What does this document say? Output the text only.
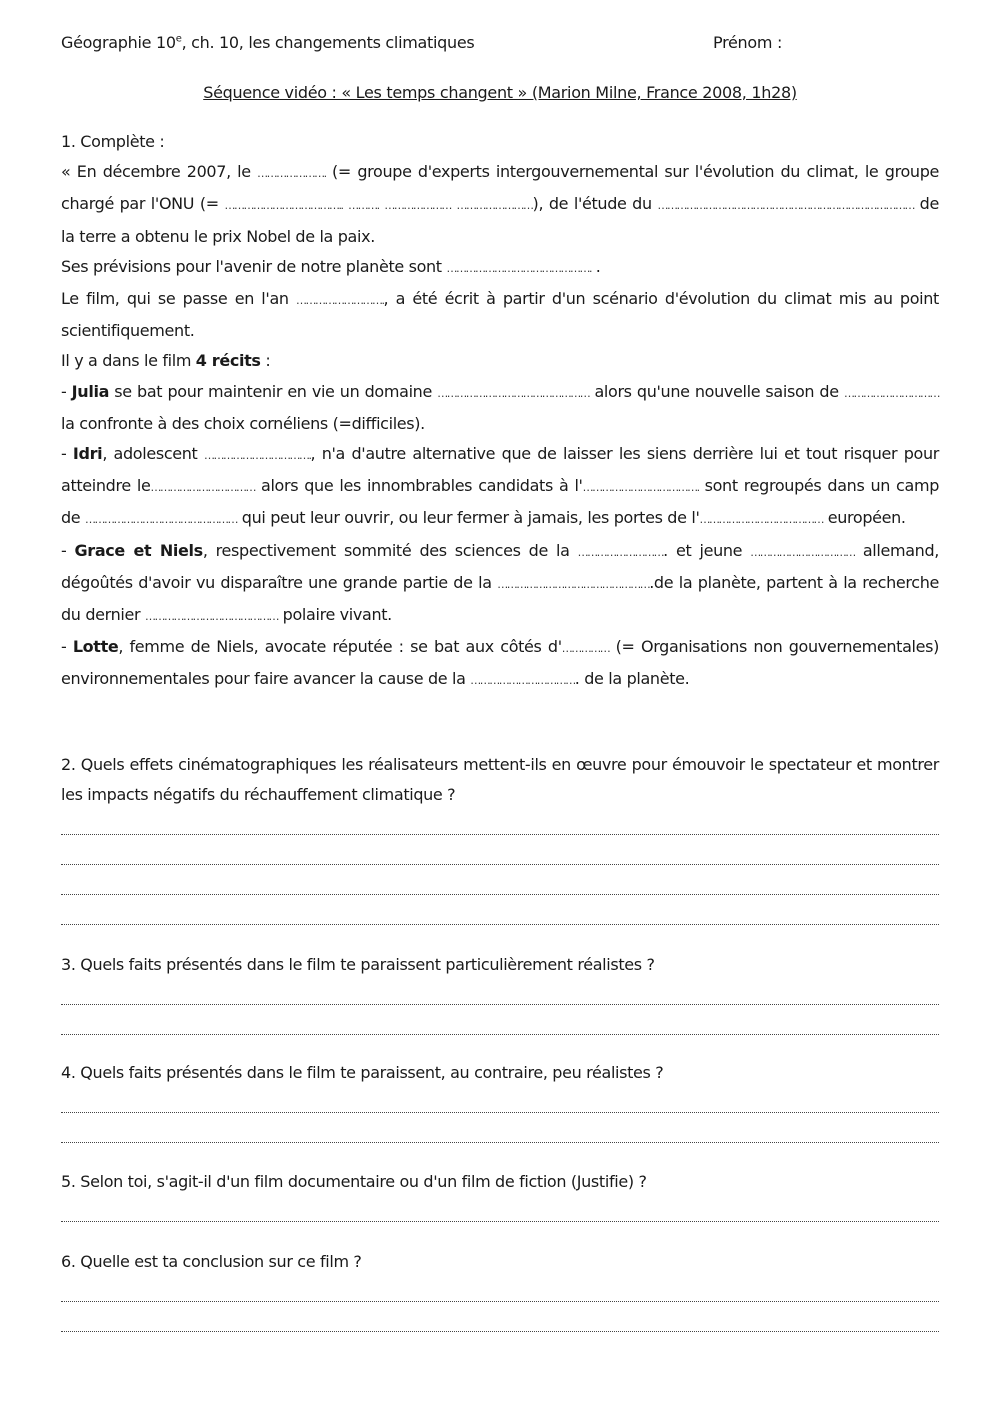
Géographie 10e, ch. 10, les changements climatiques	Prénom :
Séquence vidéo : « Les temps changent » (Marion Milne, France 2008, 1h28)

1. Complète :

« En décembre 2007, le …………………. (= groupe d'experts intergouvernemental sur l'évolution du climat, le groupe chargé par l'ONU (= ……………………………….. ………. ………………… ……………………), de l'étude du ……………………………………………………………………… de la terre a obtenu le prix Nobel de la paix.

Ses prévisions pour l'avenir de notre planète sont ………………………………………. .

Le film, qui se passe en l'an ………………………., a été écrit à partir d'un scénario d'évolution du climat mis au point scientifiquement.

Il y a dans le film 4 récits :

- Julia se bat pour maintenir en vie un domaine ………………………………………… alors qu'une nouvelle saison de ………………………… la confronte à des choix cornéliens (=difficiles).

- Idri, adolescent ……………………………., n'a d'autre alternative que de laisser les siens derrière lui et tout risquer pour atteindre le…………………………… alors que les innombrables candidats à l'………………………………. sont regroupés dans un camp de ………………………………………… qui peut leur ouvrir, ou leur fermer à jamais, les portes de l'………………………………… européen.

- Grace et Niels, respectivement sommité des sciences de la ………………………. et jeune …………………………… allemand, dégoûtés d'avoir vu disparaître une grande partie de la ………………………………………….de la planète, partent à la recherche du dernier …………………………………… polaire vivant.

- Lotte, femme de Niels, avocate réputée : se bat aux côtés d'…………… (= Organisations non gouvernementales) environnementales pour faire avancer la cause de la ……………………………. de la planète.

2. Quels effets cinématographiques les réalisateurs mettent-ils en œuvre pour émouvoir le spectateur et montrer les impacts négatifs du réchauffement climatique ?
3. Quels faits présentés dans le film te paraissent particulièrement réalistes ?
4. Quels faits présentés dans le film te paraissent, au contraire, peu réalistes ?
5. Selon toi, s'agit-il d'un film documentaire ou d'un film de fiction (Justifie) ?
6. Quelle est ta conclusion sur ce film ?
